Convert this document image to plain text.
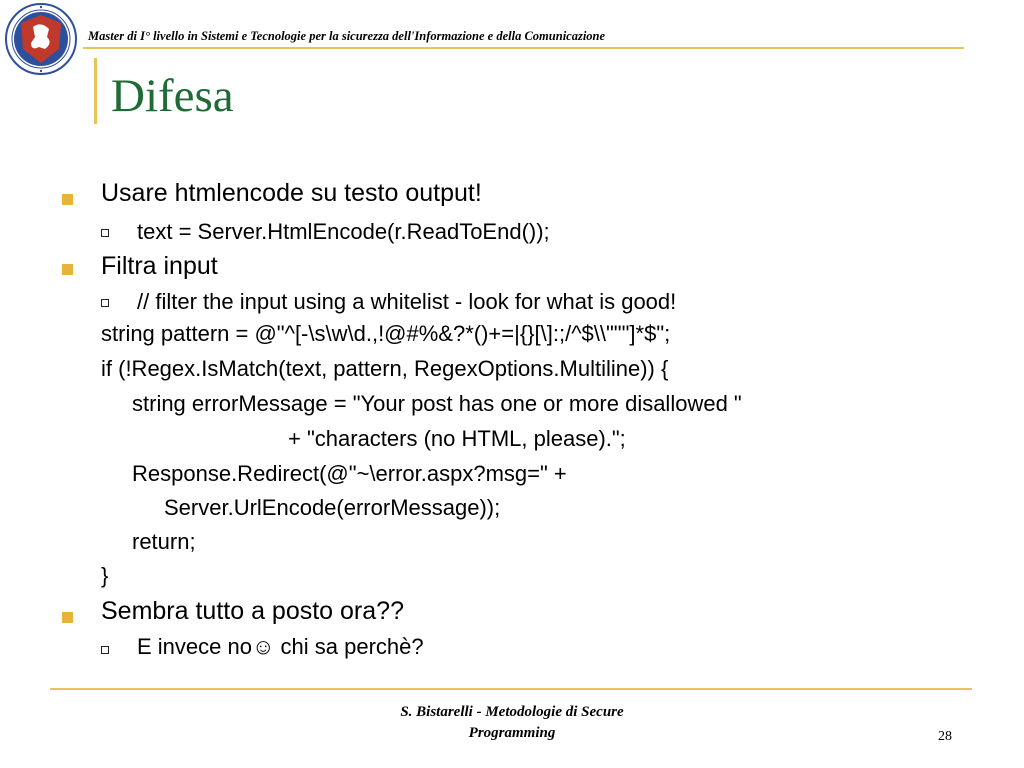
Master di I° livello in Sistemi e Tecnologie per la sicurezza dell'Informazione e della Comunicazione
Difesa
Usare htmlencode su testo output!
text = Server.HtmlEncode(r.ReadToEnd());
Filtra input
// filter the input using a whitelist - look for what is good!
string pattern = @"^[-\s\w\d.,!@#%&?*()+=|{}[\]:;/^$\\"""]*$";
if (!Regex.IsMatch(text, pattern, RegexOptions.Multiline)) {
string errorMessage = "Your post has one or more disallowed "
+ "characters (no HTML, please).";
Response.Redirect(@"~\error.aspx?msg=" +
Server.UrlEncode(errorMessage));
return;
}
Sembra tutto a posto ora??
E invece no☺ chi sa perchè?
S. Bistarelli - Metodologie di Secure
Programming	28
